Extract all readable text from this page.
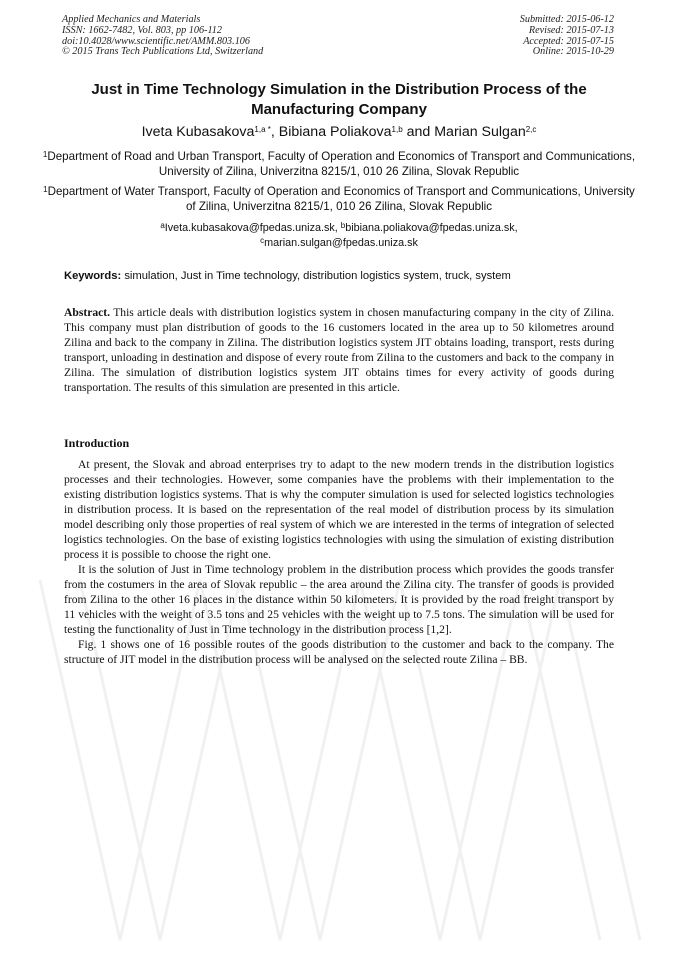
Applied Mechanics and Materials
ISSN: 1662-7482, Vol. 803, pp 106-112
doi:10.4028/www.scientific.net/AMM.803.106
© 2015 Trans Tech Publications Ltd, Switzerland
Submitted: 2015-06-12
Revised: 2015-07-13
Accepted: 2015-07-15
Online: 2015-10-29
Just in Time Technology Simulation in the Distribution Process of the Manufacturing Company
Iveta Kubasakova$^{1,a *}$, Bibiana Poliakova$^{1,b}$ and Marian Sulgan$^{2,c}$
$^1$Department of Road and Urban Transport, Faculty of Operation and Economics of Transport and Communications, University of Zilina, Univerzitna 8215/1, 010 26 Zilina, Slovak Republic
$^1$Department of Water Transport, Faculty of Operation and Economics of Transport and Communications, University of Zilina, Univerzitna 8215/1, 010 26 Zilina, Slovak Republic
$^a$Iveta.kubasakova@fpedas.uniza.sk, $^b$bibiana.poliakova@fpedas.uniza.sk,
$^c$marian.sulgan@fpedas.uniza.sk
Keywords: simulation, Just in Time technology, distribution logistics system, truck, system
Abstract. This article deals with distribution logistics system in chosen manufacturing company in the city of Zilina. This company must plan distribution of goods to the 16 customers located in the area up to 50 kilometres around Zilina and back to the company in Zilina. The distribution logistics system JIT obtains loading, transport, rests during transport, unloading in destination and dispose of every route from Zilina to the customers and back to the company in Zilina. The simulation of distribution logistics system JIT obtains times for every activity of goods during transportation. The results of this simulation are presented in this article.
Introduction

At present, the Slovak and abroad enterprises try to adapt to the new modern trends in the distribution logistics processes and their technologies. However, some companies have the problems with their implementation to the existing distribution logistics systems. That is why the computer simulation is used for selected logistics technologies in distribution process. It is based on the representation of the real model of distribution process by its simulation model describing only those properties of real system of which we are interested in the terms of integration of selected logistics technologies. On the base of existing logistics technologies with using the simulation of existing distribution process it is possible to choose the right one.

It is the solution of Just in Time technology problem in the distribution process which provides the goods transfer from the costumers in the area of Slovak republic – the area around the Zilina city. The transfer of goods is provided from Zilina to the other 16 places in the distance within 50 kilometers. It is provided by the road freight transport by 11 vehicles with the weight of 3.5 tons and 25 vehicles with the weight up to 7.5 tons. The simulation will be used for testing the functionality of Just in Time technology in the distribution process [1,2].

Fig. 1 shows one of 16 possible routes of the goods distribution to the customer and back to the company. The structure of JIT model in the distribution process will be analysed on the selected route Zilina – BB.
